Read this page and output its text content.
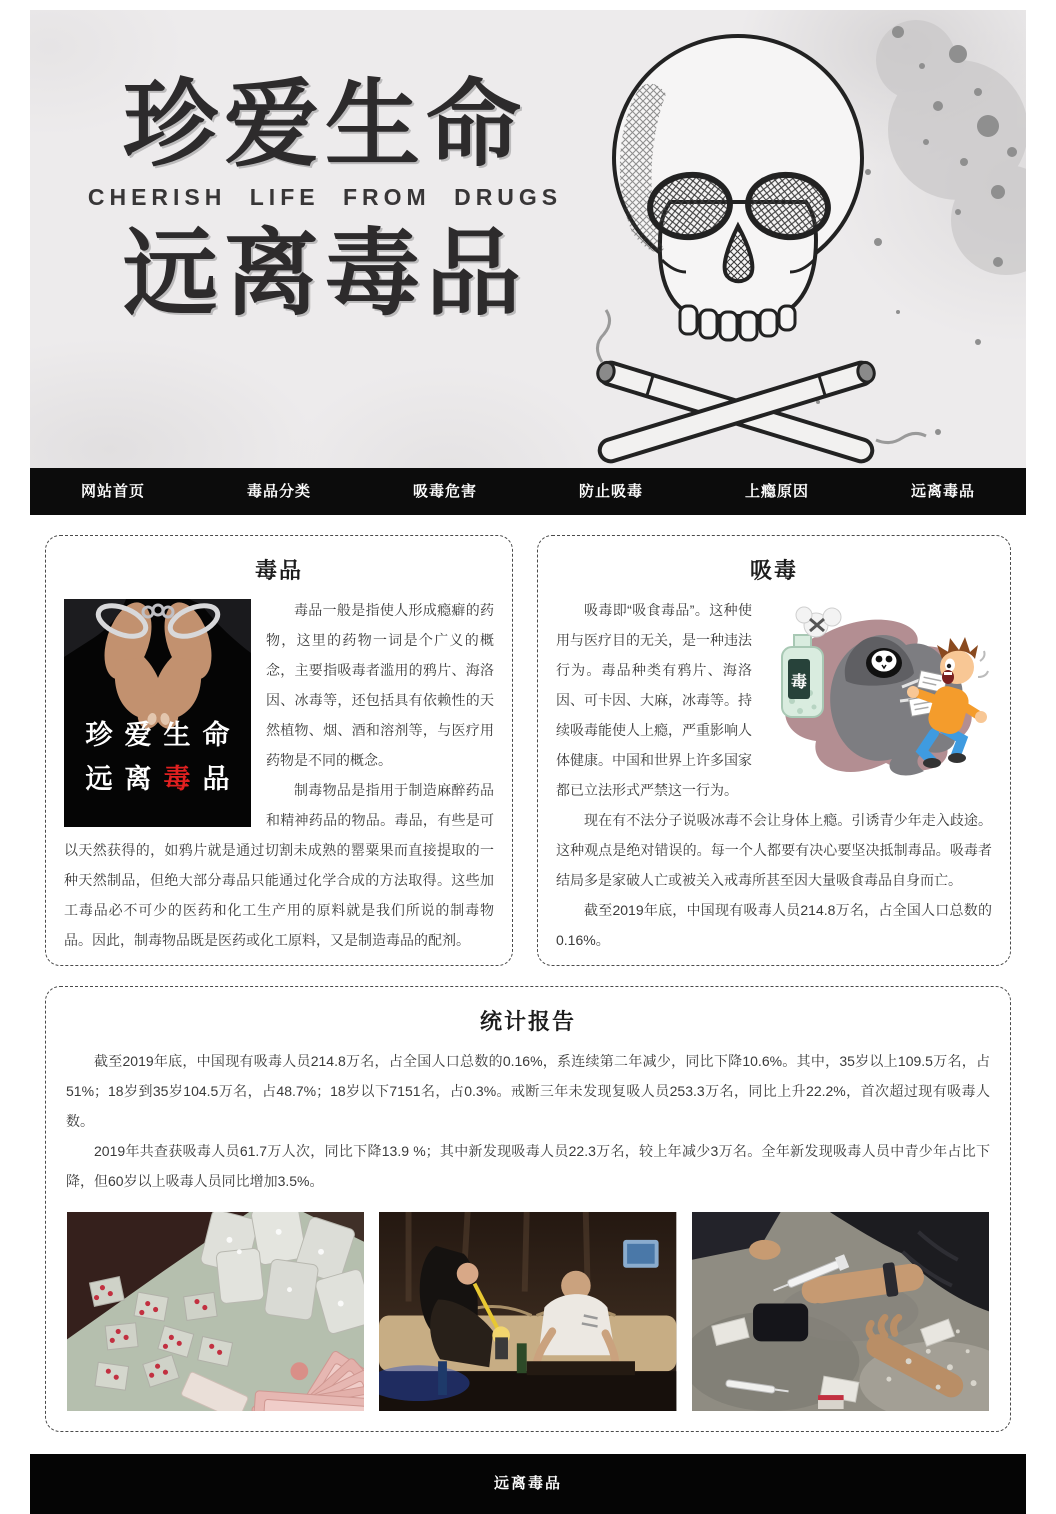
珍爱生命
CHERISH LIFE FROM DRUGS
远离毒品
网站首页	毒品分类	吸毒危害	防止吸毒	上瘾原因	远离毒品
毒品
珍爱生命
远离毒品

毒品一般是指使人形成瘾癖的药物，这里的药物一词是个广义的概念，主要指吸毒者滥用的鸦片、海洛因、冰毒等，还包括具有依赖性的天然植物、烟、酒和溶剂等，与医疗用药物是不同的概念。

制毒物品是指用于制造麻醉药品和精神药品的物品。毒品，有些是可以天然获得的，如鸦片就是通过切割未成熟的罂粟果而直接提取的一种天然制品，但绝大部分毒品只能通过化学合成的方法取得。这些加工毒品必不可少的医药和化工生产用的原料就是我们所说的制毒物品。因此，制毒物品既是医药或化工原料，又是制造毒品的配剂。

吸毒
毒

吸毒即“吸食毒品”。这种使用与医疗目的无关，是一种违法行为。毒品种类有鸦片、海洛因、可卡因、大麻，冰毒等。持续吸毒能使人上瘾，严重影响人体健康。中国和世界上许多国家都已立法形式严禁这一行为。

现在有不法分子说吸冰毒不会让身体上瘾。引诱青少年走入歧途。这种观点是绝对错误的。每一个人都要有决心要坚决抵制毒品。吸毒者结局多是家破人亡或被关入戒毒所甚至因大量吸食毒品自身而亡。

截至2019年底，中国现有吸毒人员214.8万名，占全国人口总数的0.16%。

统计报告

截至2019年底，中国现有吸毒人员214.8万名，占全国人口总数的0.16%，系连续第二年减少，同比下降10.6%。其中，35岁以上109.5万名，占51%；18岁到35岁104.5万名，占48.7%；18岁以下7151名，占0.3%。戒断三年未发现复吸人员253.3万名，同比上升22.2%，首次超过现有吸毒人数。

2019年共查获吸毒人员61.7万人次，同比下降13.9 %；其中新发现吸毒人员22.3万名，较上年减少3万名。全年新发现吸毒人员中青少年占比下降，但60岁以上吸毒人员同比增加3.5%。

远离毒品
